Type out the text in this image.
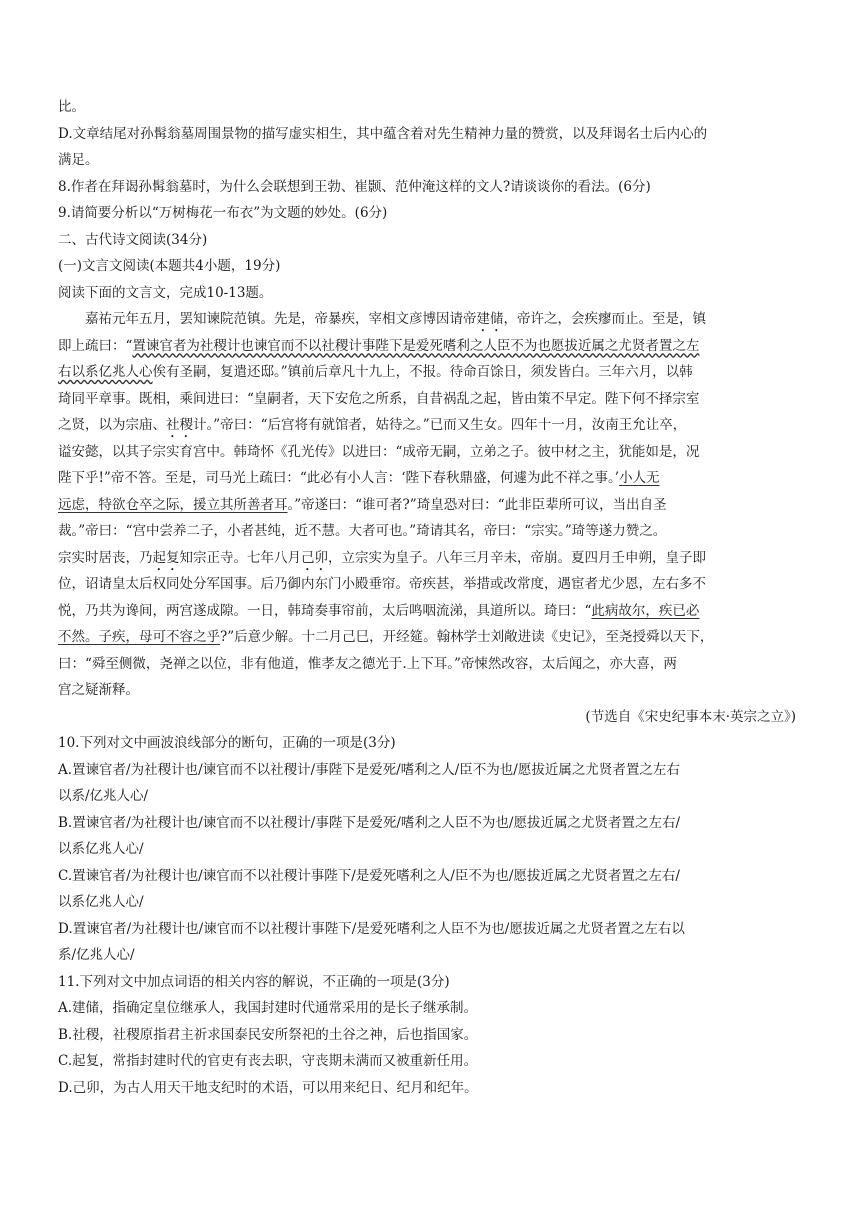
比。
D.文章结尾对孙髯翁墓周围景物的描写虚实相生，其中蕴含着对先生精神力量的赞赏，以及拜谒名士后内心的
满足。
8.作者在拜谒孙髯翁墓时，为什么会联想到王勃、崔颢、范仲淹这样的文人?请谈谈你的看法。(6分)
9.请简要分析以“万树梅花一布衣”为文题的妙处。(6分)
二、古代诗文阅读(34分)
(一)文言文阅读(本题共4小题，19分)
阅读下面的文言文，完成10-13题。
嘉祐元年五月，罢知谏院范镇。先是，帝暴疾，宰相文彦博因请帝建储，帝许之，会疾瘳而止。至是，镇
即上疏曰：“置谏官者为社稷计也谏官而不以社稷计事陛下是爱死嗜利之人臣不为也愿拔近属之尤贤者置之左
右以系亿兆人心俟有圣嗣，复遣还邸。”镇前后章凡十九上，不报。待命百馀日，须发皆白。三年六月，以韩
琦同平章事。既相，乘间进曰：“皇嗣者，天下安危之所系，自昔祸乱之起，皆由策不早定。陛下何不择宗室
之贤，以为宗庙、社稷计。”帝曰：“后宫将有就馆者，姑待之。”已而又生女。四年十一月，汝南王允让卒，
谥安懿，以其子宗实育宫中。韩琦怀《孔光传》以进曰：“成帝无嗣，立弟之子。彼中材之主，犹能如是，况
陛下乎!”帝不答。至是，司马光上疏曰：“此必有小人言：‘陛下春秋鼎盛，何遽为此不祥之事。’小人无
远虑，特欲仓卒之际，援立其所善者耳。”帝遂曰：“谁可者?”琦皇恐对曰：“此非臣辈所可议，当出自圣
裁。”帝曰：“宫中尝养二子，小者甚纯，近不慧。大者可也。”琦请其名，帝曰：“宗实。”琦等遂力赞之。
宗实时居丧，乃起复知宗正寺。七年八月己卯，立宗实为皇子。八年三月辛未，帝崩。夏四月壬申朔，皇子即
位，诏请皇太后权同处分军国事。后乃御内东门小殿垂帘。帝疾甚，举措或改常度，遇宦者尤少恩，左右多不
悦，乃共为谗间，两宫遂成隙。一日，韩琦奏事帘前，太后鸣咽流涕，具道所以。琦曰：“此病故尔，疾已必
不然。子疾，母可不容之乎?”后意少解。十二月己巳，开经筵。翰林学士刘敞进读《史记》，至尧授舜以天下，
曰：“舜至侧微，尧禅之以位，非有他道，惟孝友之德光于.上下耳。”帝悚然改容，太后闻之，亦大喜，两
宫之疑渐释。
(节选自《宋史纪事本末·英宗之立》)
10.下列对文中画波浪线部分的断句，正确的一项是(3分)
A.置谏官者/为社稷计也/谏官而不以社稷计/事陛下是爱死/嗜利之人/臣不为也/愿拔近属之尤贤者置之左右
以系/亿兆人心/
B.置谏官者/为社稷计也/谏官而不以社稷计/事陛下是爱死/嗜利之人臣不为也/愿拔近属之尤贤者置之左右/
以系亿兆人心/
C.置谏官者/为社稷计也/谏官而不以社稷计事陛下/是爱死嗜利之人/臣不为也/愿拔近属之尤贤者置之左右/
以系亿兆人心/
D.置谏官者/为社稷计也/谏官而不以社稷计事陛下/是爱死嗜利之人臣不为也/愿拔近属之尤贤者置之左右以
系/亿兆人心/
11.下列对文中加点词语的相关内容的解说，不正确的一项是(3分)
A.建储，指确定皇位继承人，我国封建时代通常采用的是长子继承制。
B.社稷，社稷原指君主祈求国泰民安所祭祀的土谷之神，后也指国家。
C.起复，常指封建时代的官吏有丧去职，守丧期未满而又被重新任用。
D.己卯，为古人用天干地支纪时的术语，可以用来纪日、纪月和纪年。
